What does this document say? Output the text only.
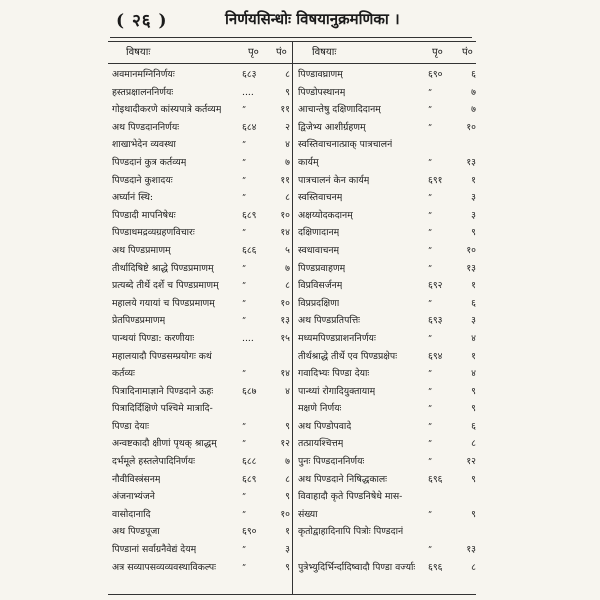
( २६ )	निर्णयसिन्धोः विषयानुक्रमणिका ।
विषयाः	पृ० पं०	विषयाः	पृ० पं०
अवमानमग्निनिर्णयः	६८३	८
हस्तप्रक्षालननिर्णयः	....	९
गोइथादीकरणे कांस्यपात्रे कर्तव्यम्	”	११
अथ पिण्डदाननिर्णयः	६८४	२
शाखाभेदेन व्यवस्था	”	४
पिण्डदानं कुत्र कर्तव्यम्	”	७
पिण्डदाने कुशादयः	”	११
अर्घ्यानं स्थि:	”	८
पिण्डादी मापनिषेधः	६८९	१०
पिण्डाधमद्रव्यग्रहणविचारः	”	१४
अथ पिण्डप्रमाणम्	६८६	५
तीर्थादिषिष्टे श्राद्धे पिण्डप्रमाणम्	”	७
प्रत्यब्दे तीर्थे दर्शे च पिण्डप्रमाणम्	”	८
महालये गयायां च पिण्डप्रमाणम्	”	१०
प्रेतपिण्डप्रमाणम्	”	१३
पान्थयां पिण्डा: करणीयाः	....	१५
महालयादौ पिण्डसम्प्रयोगः कथं
कर्तव्यः	”	१४
पित्रादिनामाज्ञाने पिण्डदाने ऊहः	६८७	४
पित्रादिर्दिक्षिणे पश्चिमे मात्रादि-
पिण्डा देयाः	”	९
अन्वष्टकादौ क्षीणां पृथक् श्राद्धम्	”	१२
दर्भमूले हस्तलेपादिनिर्णयः	६८८	७
नौवीविस्त्रंसनम्	६८९	८
अंजनाभ्यंजने	”	९
वासोदानादि	”	१०
अथ पिण्डपूजा	६९०	१
पिण्डानां सर्वाग्रनैवेद्यं देयम्	”	३
अत्र सव्यापसव्यव्यवस्थाविकल्पः	”	९
पिण्डावघ्राणम्	६९०	६
पिण्डोपस्थानम्	”	७
आचान्तेषु दक्षिणादिदानम्	”	७
द्विजेभ्य आशीर्ग्रहणम्	”	१०
स्वस्तिवाचनात्प्राक् पात्रचालनं
कार्यम्	”	१३
पात्रचालनं केन कार्यम्	६९१	१
स्वस्तिवाचनम्	”	३
अक्षय्योदकदानम्	”	३
दक्षिणादानम्	”	९
स्वधावाचनम्	”	१०
पिण्डप्रवाहणम्	”	१३
विप्रविसर्जनम्	६९२	१
विप्रप्रदक्षिणा	”	६
अथ पिण्डप्रतिपत्तिः	६९३	३
मध्यमपिण्डप्राशननिर्णयः	”	४
तीर्थश्राद्धे तीर्थे एव पिण्डप्रक्षेपः	६९४	१
गवादिभ्यः पिण्डा देयाः	”	४
पान्थ्यां रोगादियुक्तायाम्	”	९
मक्षणे निर्णयः	”	९
अथ पिण्डोपवादे	”	६
तत्प्रायश्चित्तम्	”	८
पुनः पिण्डदाननिर्णयः	”	१२
अथ पिण्डदाने निषिद्धकालः	६९६	९
विवाहादौ कृते पिण्डनिषेधे मास-
संख्या	”	९
कृतोद्वाहादिनापि पित्रोः पिण्डदानं
”	१३
पुत्रेभ्युदिर्भिर्न्दादिष्वादौ पिण्डा वर्ज्याः ६९६	८
